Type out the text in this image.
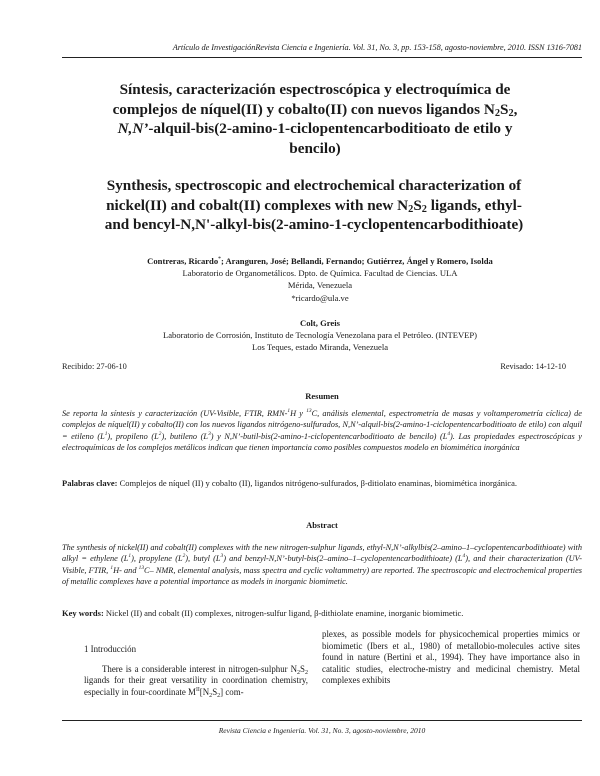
Artículo de InvestigaciónRevista Ciencia e Ingeniería. Vol. 31, No. 3, pp. 153-158, agosto-noviembre, 2010. ISSN 1316-7081
Síntesis, caracterización espectroscópica y electroquímica de
complejos de níquel(II) y cobalto(II) con nuevos ligandos $N_2S_2$,
N,N’-alquil-bis(2-amino-1-ciclopentencarboditioato de etilo y
bencilo)
Synthesis, spectroscopic and electrochemical characterization of
nickel(II) and cobalt(II) complexes with new $N_2S_2$ ligands, ethyl-
and bencyl-N,N'-alkyl-bis(2-amino-1-cyclopentencarbodithioate)
Contreras, Ricardo*; Aranguren, José; Bellandi, Fernando; Gutiérrez, Ángel y Romero, Isolda
Laboratorio de Organometálicos. Dpto. de Química. Facultad de Ciencias. ULA
Mérida, Venezuela
*ricardo@ula.ve
Colt, Greis
Laboratorio de Corrosión, Instituto de Tecnología Venezolana para el Petróleo. (INTEVEP)
Los Teques, estado Miranda, Venezuela
Recibido: 27-06-10	Revisado: 14-12-10
Resumen
Se reporta la síntesis y caracterización (UV-Visible, FTIR, RMN-$^1$H y $^{13}$C, análisis elemental, espectrometría de masas y voltamperometría cíclica) de complejos de níquel(II) y cobalto(II) con los nuevos ligandos nitrógeno-sulfurados, N,N’-alquil-bis(2-amino-1-ciclopentencarboditioato de etilo) con alquil = etileno $(L^1)$, propileno $(L^2)$, butileno $(L^3)$ y N,N’-butil-bis(2-amino-1-ciclopentencarboditioato de bencilo) $(L^4)$. Las propiedades espectroscópicas y electroquímicas de los complejos metálicos indican que tienen importancia como posibles compuestos modelo en biomimética inorgánica
Palabras clave: Complejos de níquel (II) y cobalto (II), ligandos nitrógeno-sulfurados, β-ditiolato enaminas, biomimética inorgánica.
Abstract
The synthesis of nickel(II) and cobalt(II) complexes with the new nitrogen-sulphur ligands, ethyl-N,N’-alkylbis(2–amino–1–cyclopentencarbodithioate) with alkyl = ethylene $(L^1)$, propylene $(L^2)$, butyl $(L^3)$ and benzyl-N,N’-butyl-bis(2–amino–1–cyclopentencarbodithioate) $(L^4)$, and their characterization (UV-Visible, FTIR, $^1$H- and $^{13}$C– NMR, elemental analysis, mass spectra and cyclic voltammetry) are reported. The spectroscopic and electrochemical properties of metallic complexes have a potential importance as models in inorganic biomimetic.
Key words: Nickel (II) and cobalt (II) complexes, nitrogen-sulfur ligand, β-dithiolate enamine, inorganic biomimetic.
1 Introducción

There is a considerable interest in nitrogen-sulphur $N_2S_2$ ligands for their great versatility in coordination chemistry, especially in four-coordinate $M^{II}[N_2S_2]$ com-

plexes, as possible models for physicochemical properties mimics or biomimetic (Ibers et al., 1980) of metallobio-molecules active sites found in nature (Bertini et al., 1994). They have importance also in catalitic studies, electroche-mistry and medicinal chemistry. Metal complexes exhibits

Revista Ciencia e Ingeniería. Vol. 31, No. 3, agosto-noviembre, 2010
